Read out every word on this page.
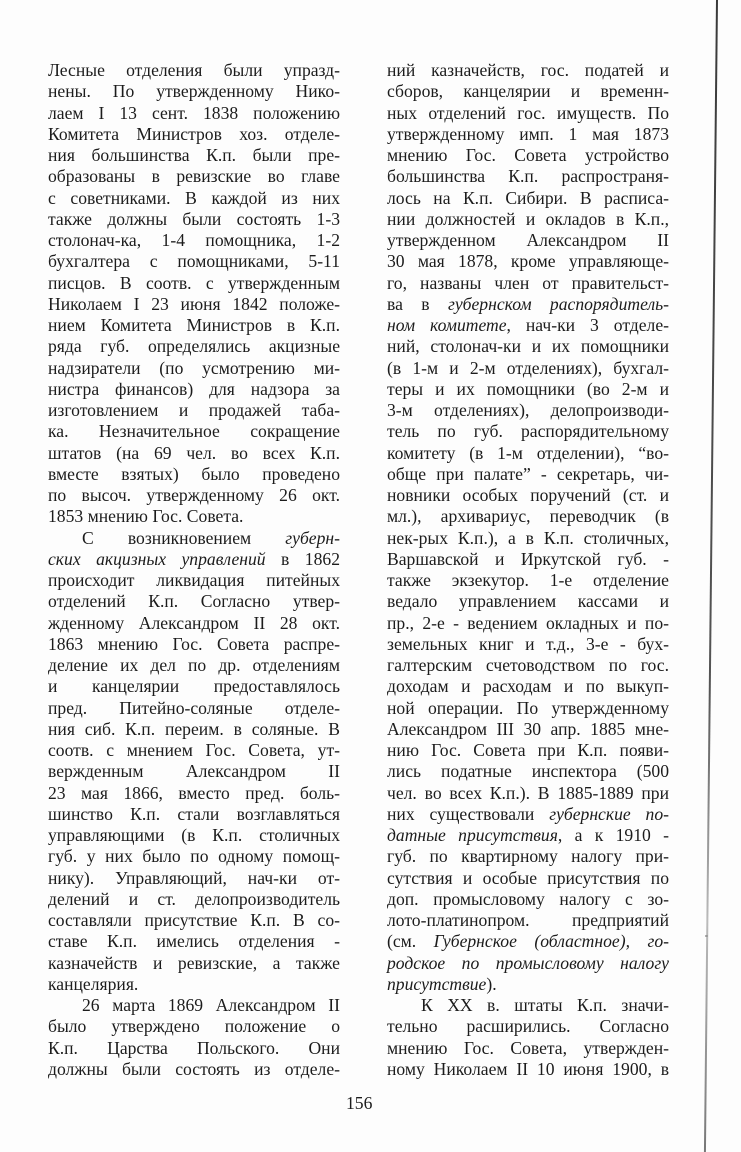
Лесные отделения были упразд-
нены. По утвержденному Нико-
лаем I 13 сент. 1838 положению
Комитета Министров хоз. отделе-
ния большинства К.п. были пре-
образованы в ревизские во главе
с советниками. В каждой из них
также должны были состоять 1-3
столонач-ка, 1-4 помощника, 1-2
бухгалтера с помощниками, 5-11
писцов. В соотв. с утвержденным
Николаем I 23 июня 1842 положе-
нием Комитета Министров в К.п.
ряда губ. определялись акцизные
надзиратели (по усмотрению ми-
нистра финансов) для надзора за
изготовлением и продажей таба-
ка. Незначительное сокращение
штатов (на 69 чел. во всех К.п.
вместе взятых) было проведено
по высоч. утвержденному 26 окт.
1853 мнению Гос. Совета.
С возникновением губерн-
ских акцизных управлений в 1862
происходит ликвидация питейных
отделений К.п. Согласно утвер-
жденному Александром II 28 окт.
1863 мнению Гос. Совета распре-
деление их дел по др. отделениям
и канцелярии предоставлялось
пред. Питейно-соляные отделе-
ния сиб. К.п. переим. в соляные. В
соотв. с мнением Гос. Совета, ут-
вержденным Александром II
23 мая 1866, вместо пред. боль-
шинство К.п. стали возглавляться
управляющими (в К.п. столичных
губ. у них было по одному помощ-
нику). Управляющий, нач-ки от-
делений и ст. делопроизводитель
составляли присутствие К.п. В со-
ставе К.п. имелись отделения -
казначейств и ревизские, а также
канцелярия.
26 марта 1869 Александром II
было утверждено положение о
К.п. Царства Польского. Они
должны были состоять из отделе-
ний казначейств, гос. податей и
сборов, канцелярии и временн-
ных отделений гос. имуществ. По
утвержденному имп. 1 мая 1873
мнению Гос. Совета устройство
большинства К.п. распространя-
лось на К.п. Сибири. В расписа-
нии должностей и окладов в К.п.,
утвержденном Александром II
30 мая 1878, кроме управляюще-
го, названы член от правительст-
ва в губернском распорядитель-
ном комитете, нач-ки 3 отделе-
ний, столонач-ки и их помощники
(в 1-м и 2-м отделениях), бухгал-
теры и их помощники (во 2-м и
3-м отделениях), делопроизводи-
тель по губ. распорядительному
комитету (в 1-м отделении), “во-
обще при палате” - секретарь, чи-
новники особых поручений (ст. и
мл.), архивариус, переводчик (в
нек-рых К.п.), а в К.п. столичных,
Варшавской и Иркутской губ. -
также экзекутор. 1-е отделение
ведало управлением кассами и
пр., 2-е - ведением окладных и по-
земельных книг и т.д., 3-е - бух-
галтерским счетоводством по гос.
доходам и расходам и по выкуп-
ной операции. По утвержденному
Александром III 30 апр. 1885 мне-
нию Гос. Совета при К.п. появи-
лись податные инспектора (500
чел. во всех К.п.). В 1885-1889 при
них существовали губернские по-
датные присутствия, а к 1910 -
губ. по квартирному налогу при-
сутствия и особые присутствия по
доп. промысловому налогу с зо-
лото-платинопром. предприятий
(см. Губернское (областное), го-
родское по промысловому налогу
присутствие).
К XX в. штаты К.п. значи-
тельно расширились. Согласно
мнению Гос. Совета, утвержден-
ному Николаем II 10 июня 1900, в
156
